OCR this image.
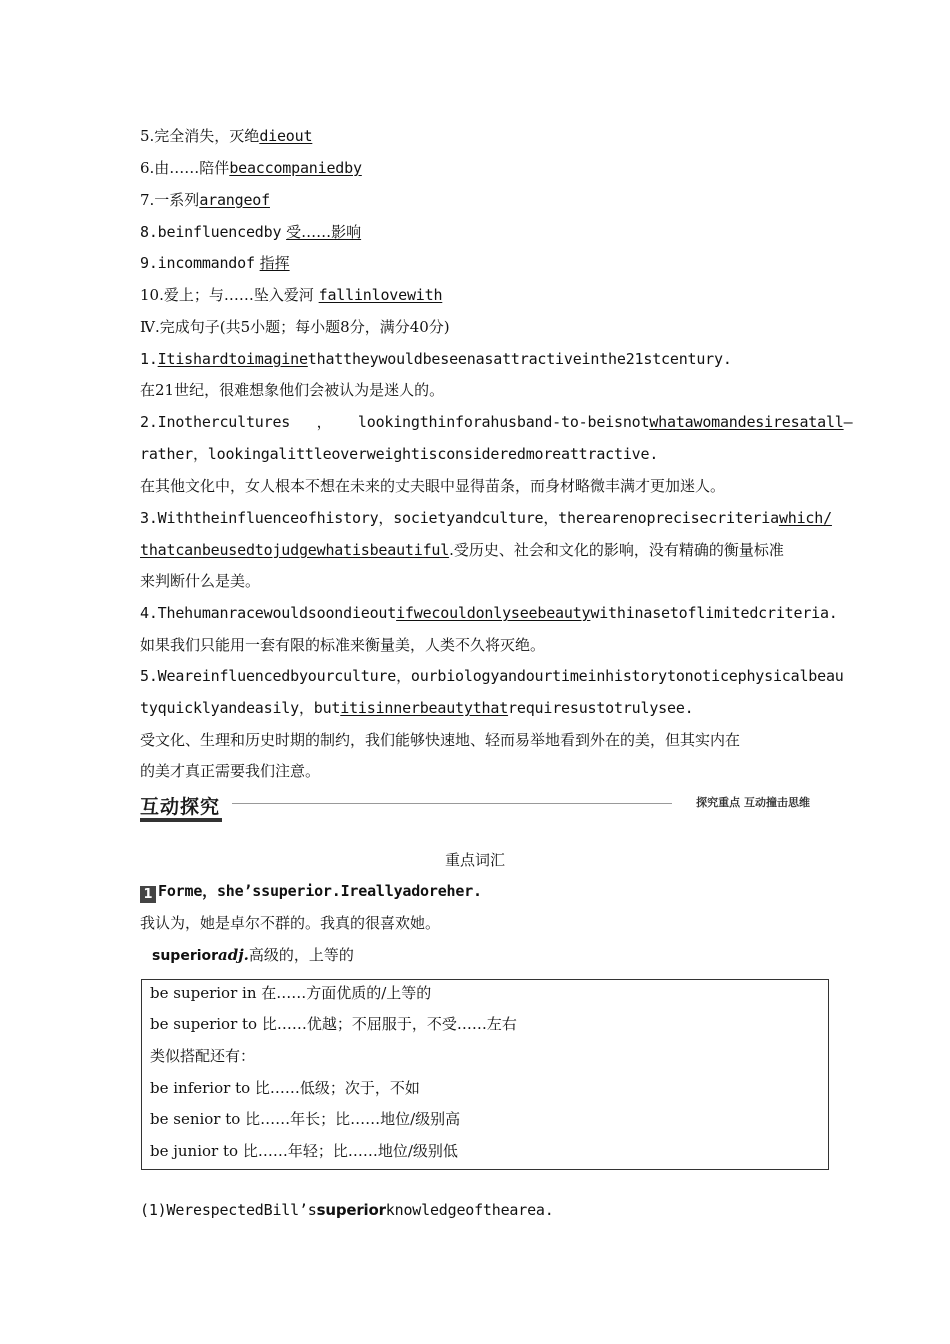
5.完全消失，灭绝dieout
6.由……陪伴beaccompaniedby
7.一系列arangeof
8.beinfluencedby 受……影响
9.incommandof 指挥
10.爱上；与……坠入爱河 fallinlovewith
Ⅳ.完成句子(共5小题；每小题8分，满分40分)
1.Itishardtoimaginethattheywouldbeseenasattractiveinthe21stcentury.
在21世纪，很难想象他们会被认为是迷人的。
2.Inothercultures   ，   lookingthinforahusband-to-beisnotwhatawomandesiresatall—
rather，lookingalittleoverweightisconsideredmoreattractive.
在其他文化中，女人根本不想在未来的丈夫眼中显得苗条，而身材略微丰满才更加迷人。
3.Withtheinfluenceofhistory，societyandculture，therearenoprecisecriteriawhich/
thatcanbeusedtojudgewhatisbeautiful.受历史、社会和文化的影响，没有精确的衡量标准
来判断什么是美。
4.Thehumanracewouldsoondieoutifwecouldonlyseebeautywithinasetoflimitedcriteria.
如果我们只能用一套有限的标准来衡量美，人类不久将灭绝。
5.Weareinfluencedbyourculture，ourbiologyandourtimeinhistorytonoticephysicalbeau
tyquicklyandeasily，butitisinnerbeautythatrequiresustotrulysee.
受文化、生理和历史时期的制约，我们能够快速地、轻而易举地看到外在的美，但其实内在
的美才真正需要我们注意。
互动探究	探究重点 互动撞击思维
重点词汇
1 Forme，she’ssuperior.Ireallyadoreher.
我认为，她是卓尔不群的。我真的很喜欢她。
superioradj.高级的，上等的
be superior in 在……方面优质的/上等的
be superior to 比……优越；不屈服于，不受……左右
类似搭配还有：
be inferior to 比……低级；次于，不如
be senior to 比……年长；比……地位/级别高
be junior to 比……年轻；比……地位/级别低
(1)WerespectedBill’ssuperiorknowledgeofthearea.
